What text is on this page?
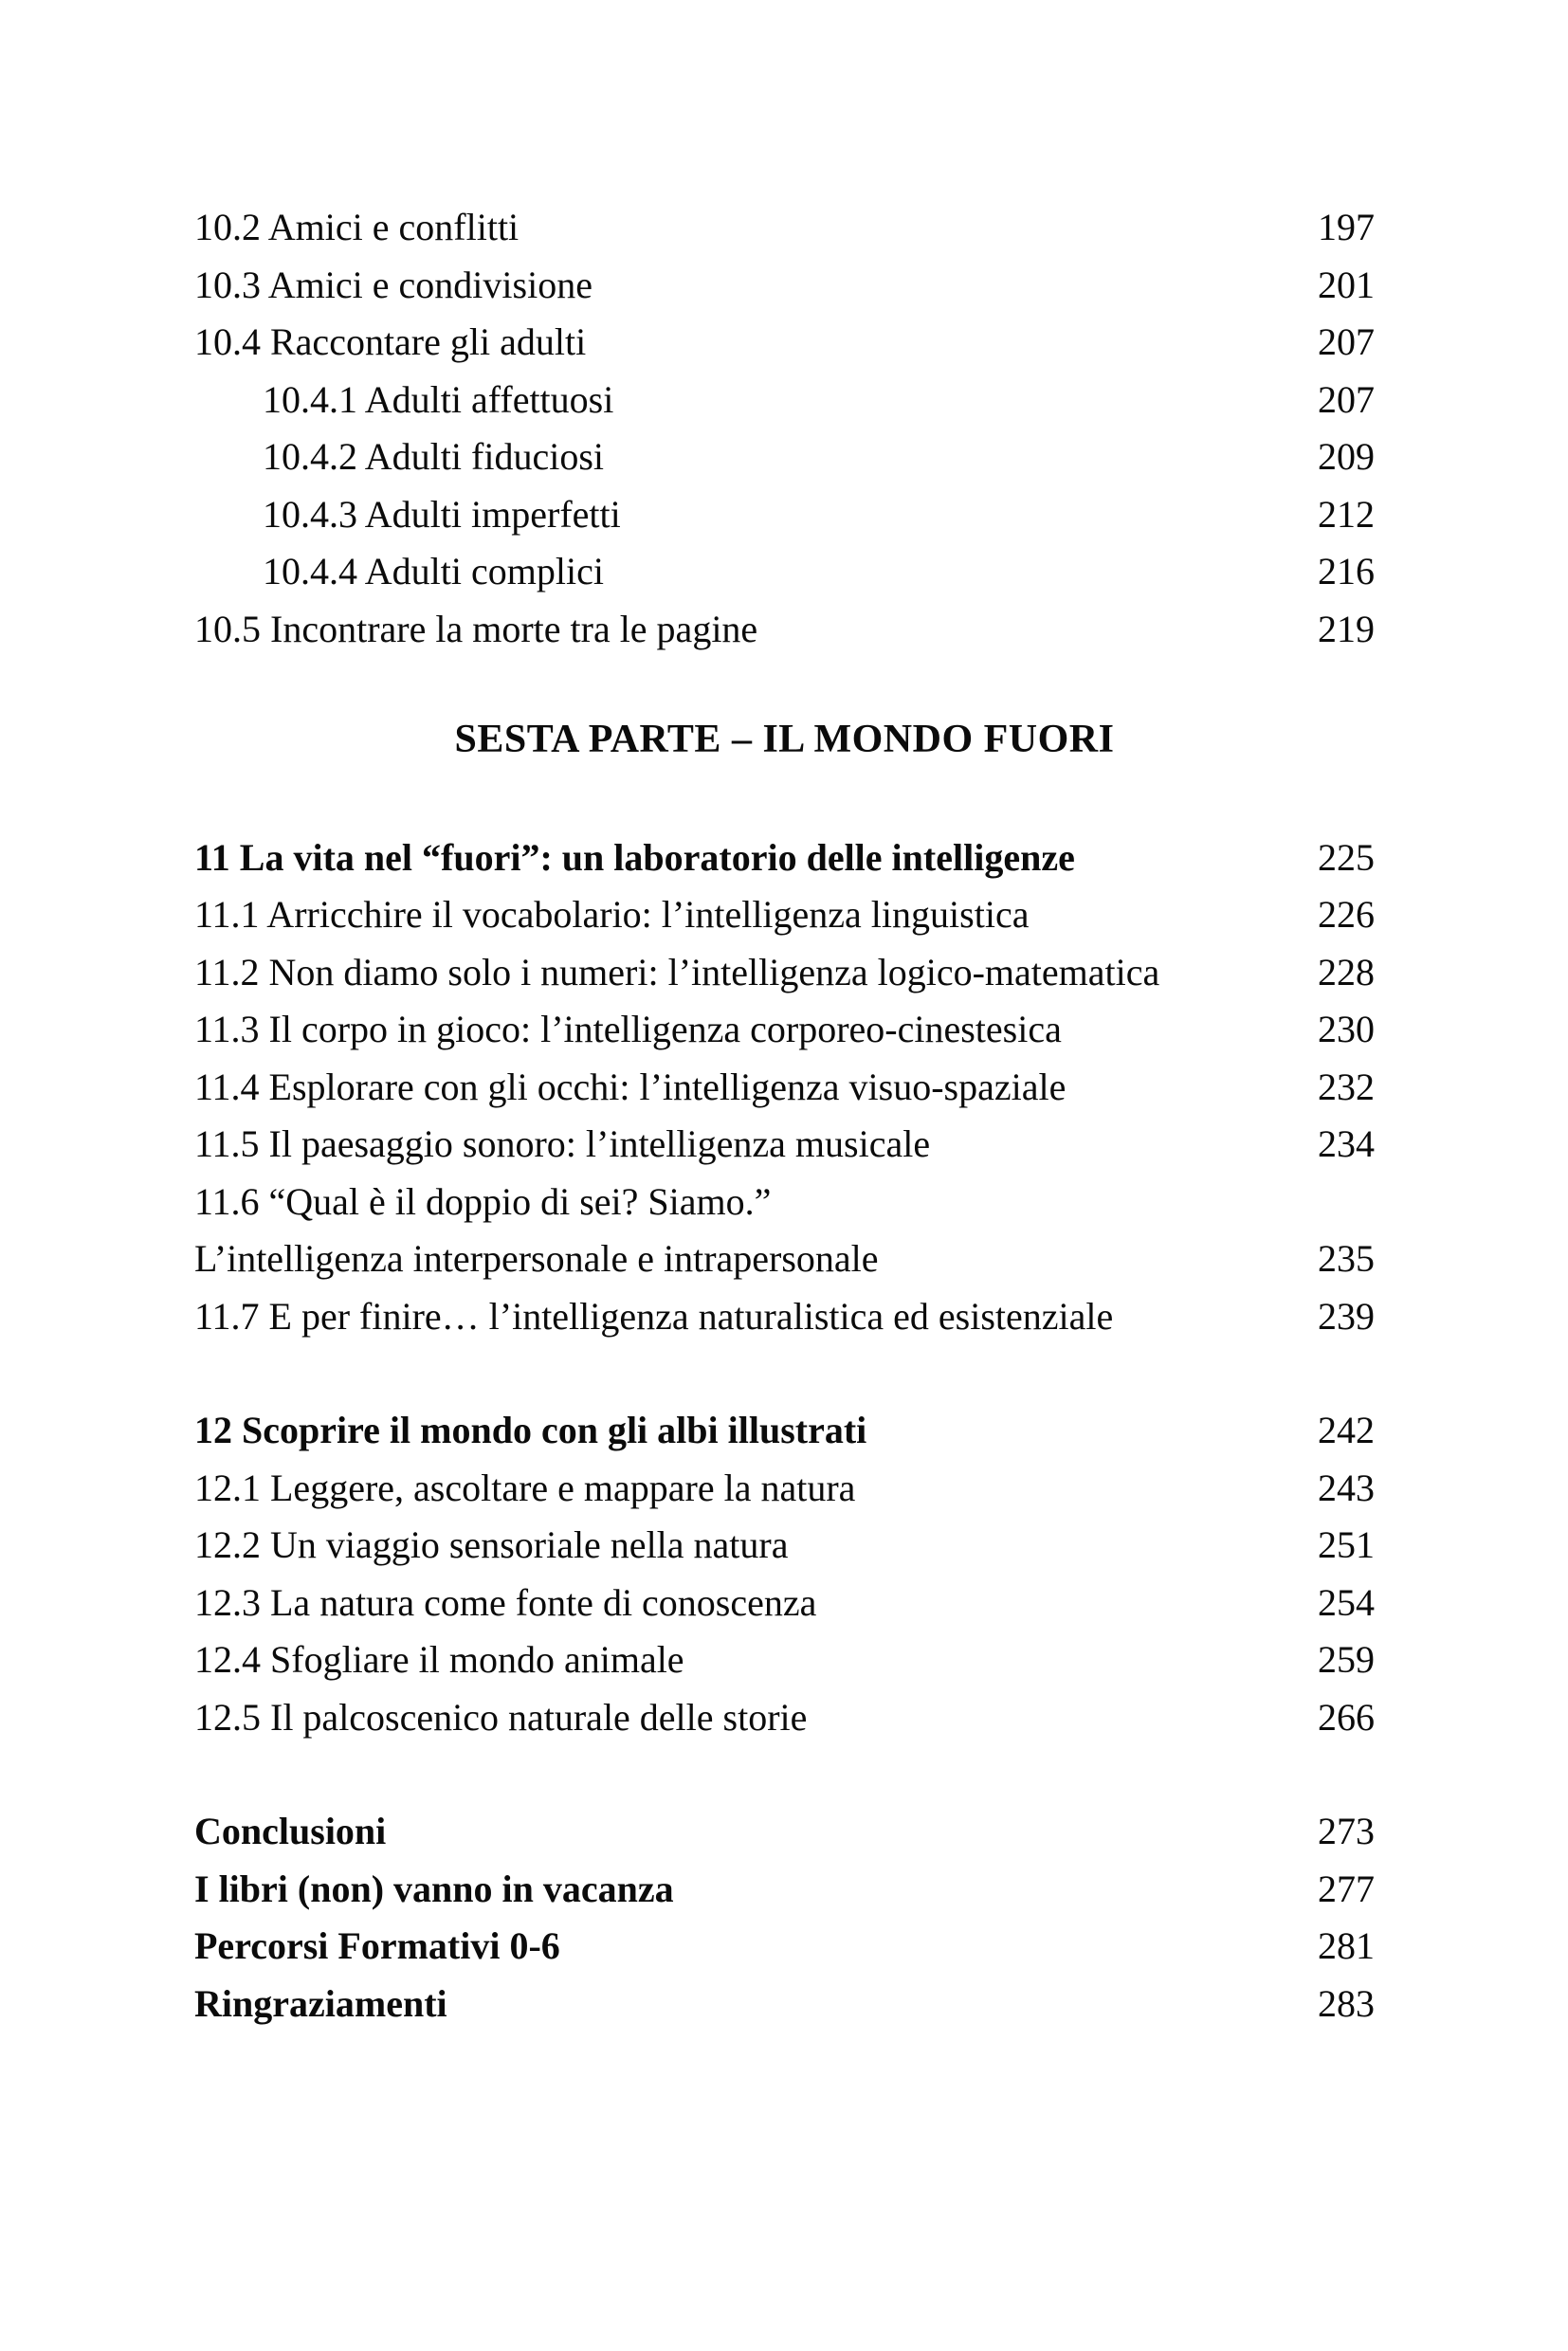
10.2 Amici e conflitti	197
10.3 Amici e condivisione	201
10.4 Raccontare gli adulti	207
10.4.1 Adulti affettuosi	207
10.4.2 Adulti fiduciosi	209
10.4.3 Adulti imperfetti	212
10.4.4 Adulti complici	216
10.5 Incontrare la morte tra le pagine	219
SESTA PARTE – IL MONDO FUORI
11 La vita nel “fuori”: un laboratorio delle intelligenze	225
11.1 Arricchire il vocabolario: l’intelligenza linguistica	226
11.2 Non diamo solo i numeri: l’intelligenza logico-matematica	228
11.3 Il corpo in gioco: l’intelligenza corporeo-cinestesica	230
11.4 Esplorare con gli occhi: l’intelligenza visuo-spaziale	232
11.5 Il paesaggio sonoro: l’intelligenza musicale	234
11.6 “Qual è il doppio di sei? Siamo.”
L’intelligenza interpersonale e intrapersonale	235
11.7 E per finire… l’intelligenza naturalistica ed esistenziale	239
12 Scoprire il mondo con gli albi illustrati	242
12.1 Leggere, ascoltare e mappare la natura	243
12.2 Un viaggio sensoriale nella natura	251
12.3 La natura come fonte di conoscenza	254
12.4 Sfogliare il mondo animale	259
12.5 Il palcoscenico naturale delle storie	266
Conclusioni	273
I libri (non) vanno in vacanza	277
Percorsi Formativi 0-6	281
Ringraziamenti	283
